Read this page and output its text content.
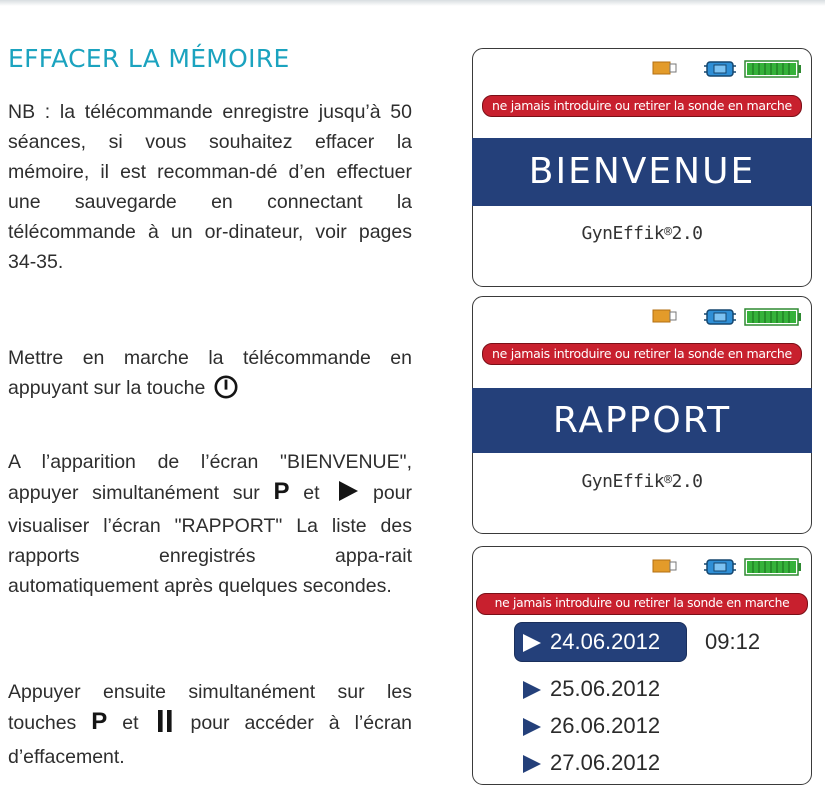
EFFACER LA MÉMOIRE

NB : la télécommande enregistre jusqu’à 50 séances, si vous souhaitez effacer la mémoire, il est recomman-dé d’en effectuer une sauvegarde en connectant la télécommande à un or-dinateur, voir pages 34-35.

Mettre en marche la télécommande en appuyant sur la touche

A l’apparition de l’écran "BIENVENUE", appuyer simultanément sur P et	pour visualiser l’écran "RAPPORT" La liste des rapports enregistrés appa-rait automatiquement après quelques secondes.

Appuyer ensuite simultanément sur les touches P et	pour accéder à l’écran d’effacement.

ne jamais introduire ou retirer la sonde en marche
BIENVENUE
GynEffik®2.0
ne jamais introduire ou retirer la sonde en marche
RAPPORT
GynEffik®2.0
ne jamais introduire ou retirer la sonde en marche
24.06.2012 09:12
25.06.2012
26.06.2012
27.06.2012
